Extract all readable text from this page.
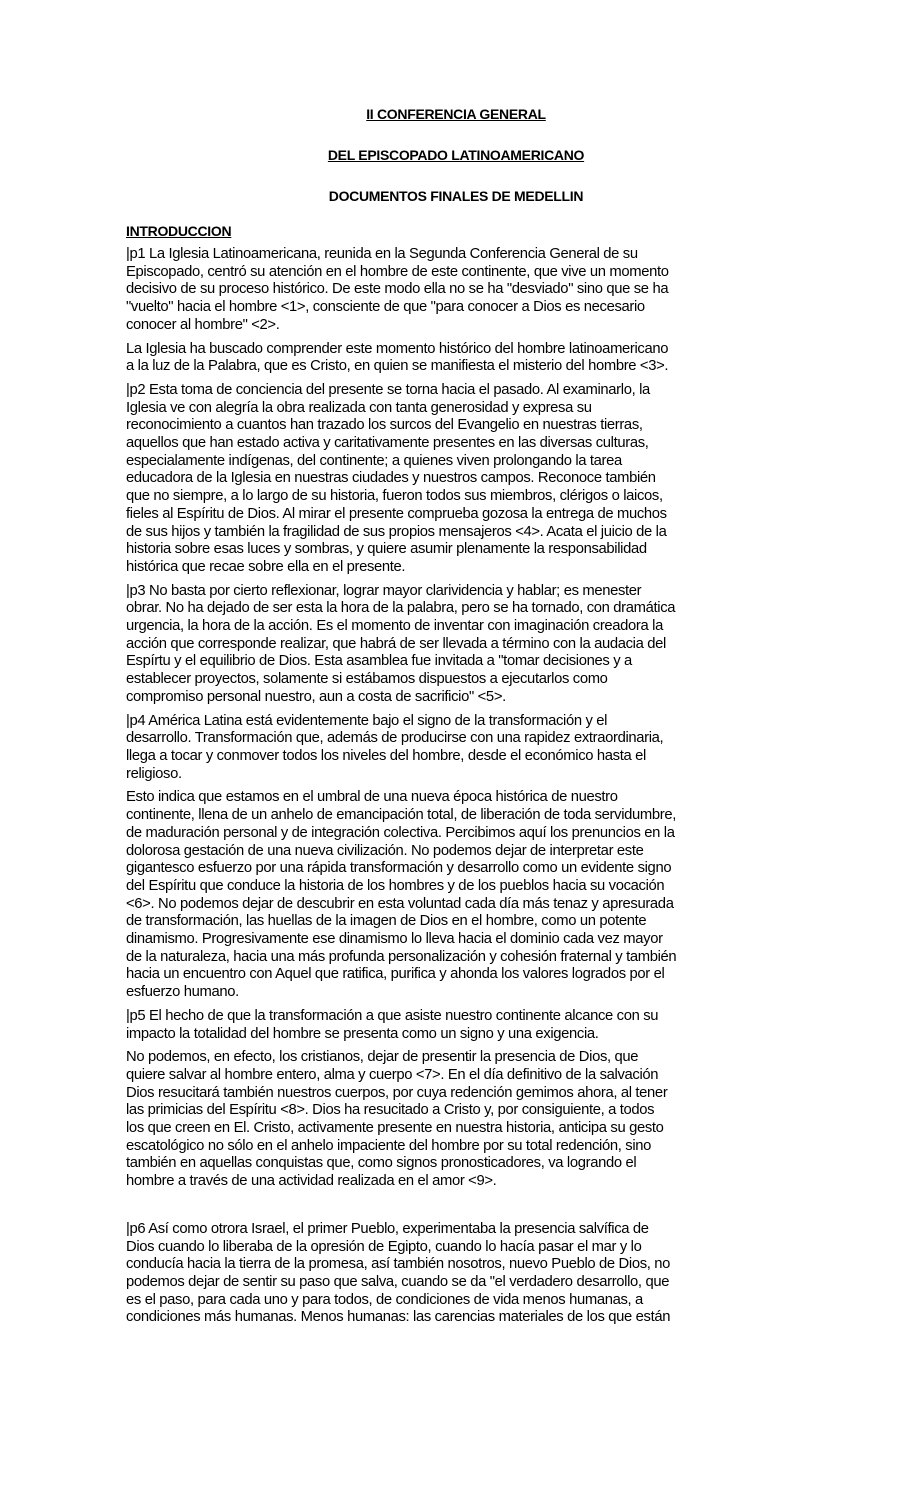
II CONFERENCIA GENERAL
DEL EPISCOPADO LATINOAMERICANO
DOCUMENTOS FINALES DE MEDELLIN
INTRODUCCION

|p1 La Iglesia Latinoamericana, reunida en la Segunda Conferencia General de su
Episcopado, centró su atención en el hombre de este continente, que vive un momento
decisivo de su proceso histórico. De este modo ella no se ha "desviado" sino que se ha
"vuelto" hacia el hombre <1>, consciente de que "para conocer a Dios es necesario
conocer al hombre" <2>.

La Iglesia ha buscado comprender este momento histórico del hombre latinoamericano
a la luz de la Palabra, que es Cristo, en quien se manifiesta el misterio del hombre <3>.

|p2 Esta toma de conciencia del presente se torna hacia el pasado. Al examinarlo, la
Iglesia ve con alegría la obra realizada con tanta generosidad y expresa su
reconocimiento a cuantos han trazado los surcos del Evangelio en nuestras tierras,
aquellos que han estado activa y caritativamente presentes en las diversas culturas,
especialamente indígenas, del continente; a quienes viven prolongando la tarea
educadora de la Iglesia en nuestras ciudades y nuestros campos. Reconoce también
que no siempre, a lo largo de su historia, fueron todos sus miembros, clérigos o laicos,
fieles al Espíritu de Dios. Al mirar el presente comprueba gozosa la entrega de muchos
de sus hijos y también la fragilidad de sus propios mensajeros <4>. Acata el juicio de la
historia sobre esas luces y sombras, y quiere asumir plenamente la responsabilidad
histórica que recae sobre ella en el presente.

|p3 No basta por cierto reflexionar, lograr mayor clarividencia y hablar; es menester
obrar. No ha dejado de ser esta la hora de la palabra, pero se ha tornado, con dramática
urgencia, la hora de la acción. Es el momento de inventar con imaginación creadora la
acción que corresponde realizar, que habrá de ser llevada a término con la audacia del
Espírtu y el equilibrio de Dios. Esta asamblea fue invitada a "tomar decisiones y a
establecer proyectos, solamente si estábamos dispuestos a ejecutarlos como
compromiso personal nuestro, aun a costa de sacrificio" <5>.

|p4 América Latina está evidentemente bajo el signo de la transformación y el
desarrollo. Transformación que, además de producirse con una rapidez extraordinaria,
llega a tocar y conmover todos los niveles del hombre, desde el económico hasta el
religioso.

Esto indica que estamos en el umbral de una nueva época histórica de nuestro
continente, llena de un anhelo de emancipación total, de liberación de toda servidumbre,
de maduración personal y de integración colectiva. Percibimos aquí los prenuncios en la
dolorosa gestación de una nueva civilización. No podemos dejar de interpretar este
gigantesco esfuerzo por una rápida transformación y desarrollo como un evidente signo
del Espíritu que conduce la historia de los hombres y de los pueblos hacia su vocación
<6>. No podemos dejar de descubrir en esta voluntad cada día más tenaz y apresurada
de transformación, las huellas de la imagen de Dios en el hombre, como un potente
dinamismo. Progresivamente ese dinamismo lo lleva hacia el dominio cada vez mayor
de la naturaleza, hacia una más profunda personalización y cohesión fraternal y también
hacia un encuentro con Aquel que ratifica, purifica y ahonda los valores logrados por el
esfuerzo humano.

|p5 El hecho de que la transformación a que asiste nuestro continente alcance con su
impacto la totalidad del hombre se presenta como un signo y una exigencia.

No podemos, en efecto, los cristianos, dejar de presentir la presencia de Dios, que
quiere salvar al hombre entero, alma y cuerpo <7>. En el día definitivo de la salvación
Dios resucitará también nuestros cuerpos, por cuya redención gemimos ahora, al tener
las primicias del Espíritu <8>. Dios ha resucitado a Cristo y, por consiguiente, a todos
los que creen en El. Cristo, activamente presente en nuestra historia, anticipa su gesto
escatológico no sólo en el anhelo impaciente del hombre por su total redención, sino
también en aquellas conquistas que, como signos pronosticadores, va logrando el
hombre a través de una actividad realizada en el amor <9>.

|p6 Así como otrora Israel, el primer Pueblo, experimentaba la presencia salvífica de
Dios cuando lo liberaba de la opresión de Egipto, cuando lo hacía pasar el mar y lo
conducía hacia la tierra de la promesa, así también nosotros, nuevo Pueblo de Dios, no
podemos dejar de sentir su paso que salva, cuando se da "el verdadero desarrollo, que
es el paso, para cada uno y para todos, de condiciones de vida menos humanas, a
condiciones más humanas. Menos humanas: las carencias materiales de los que están
